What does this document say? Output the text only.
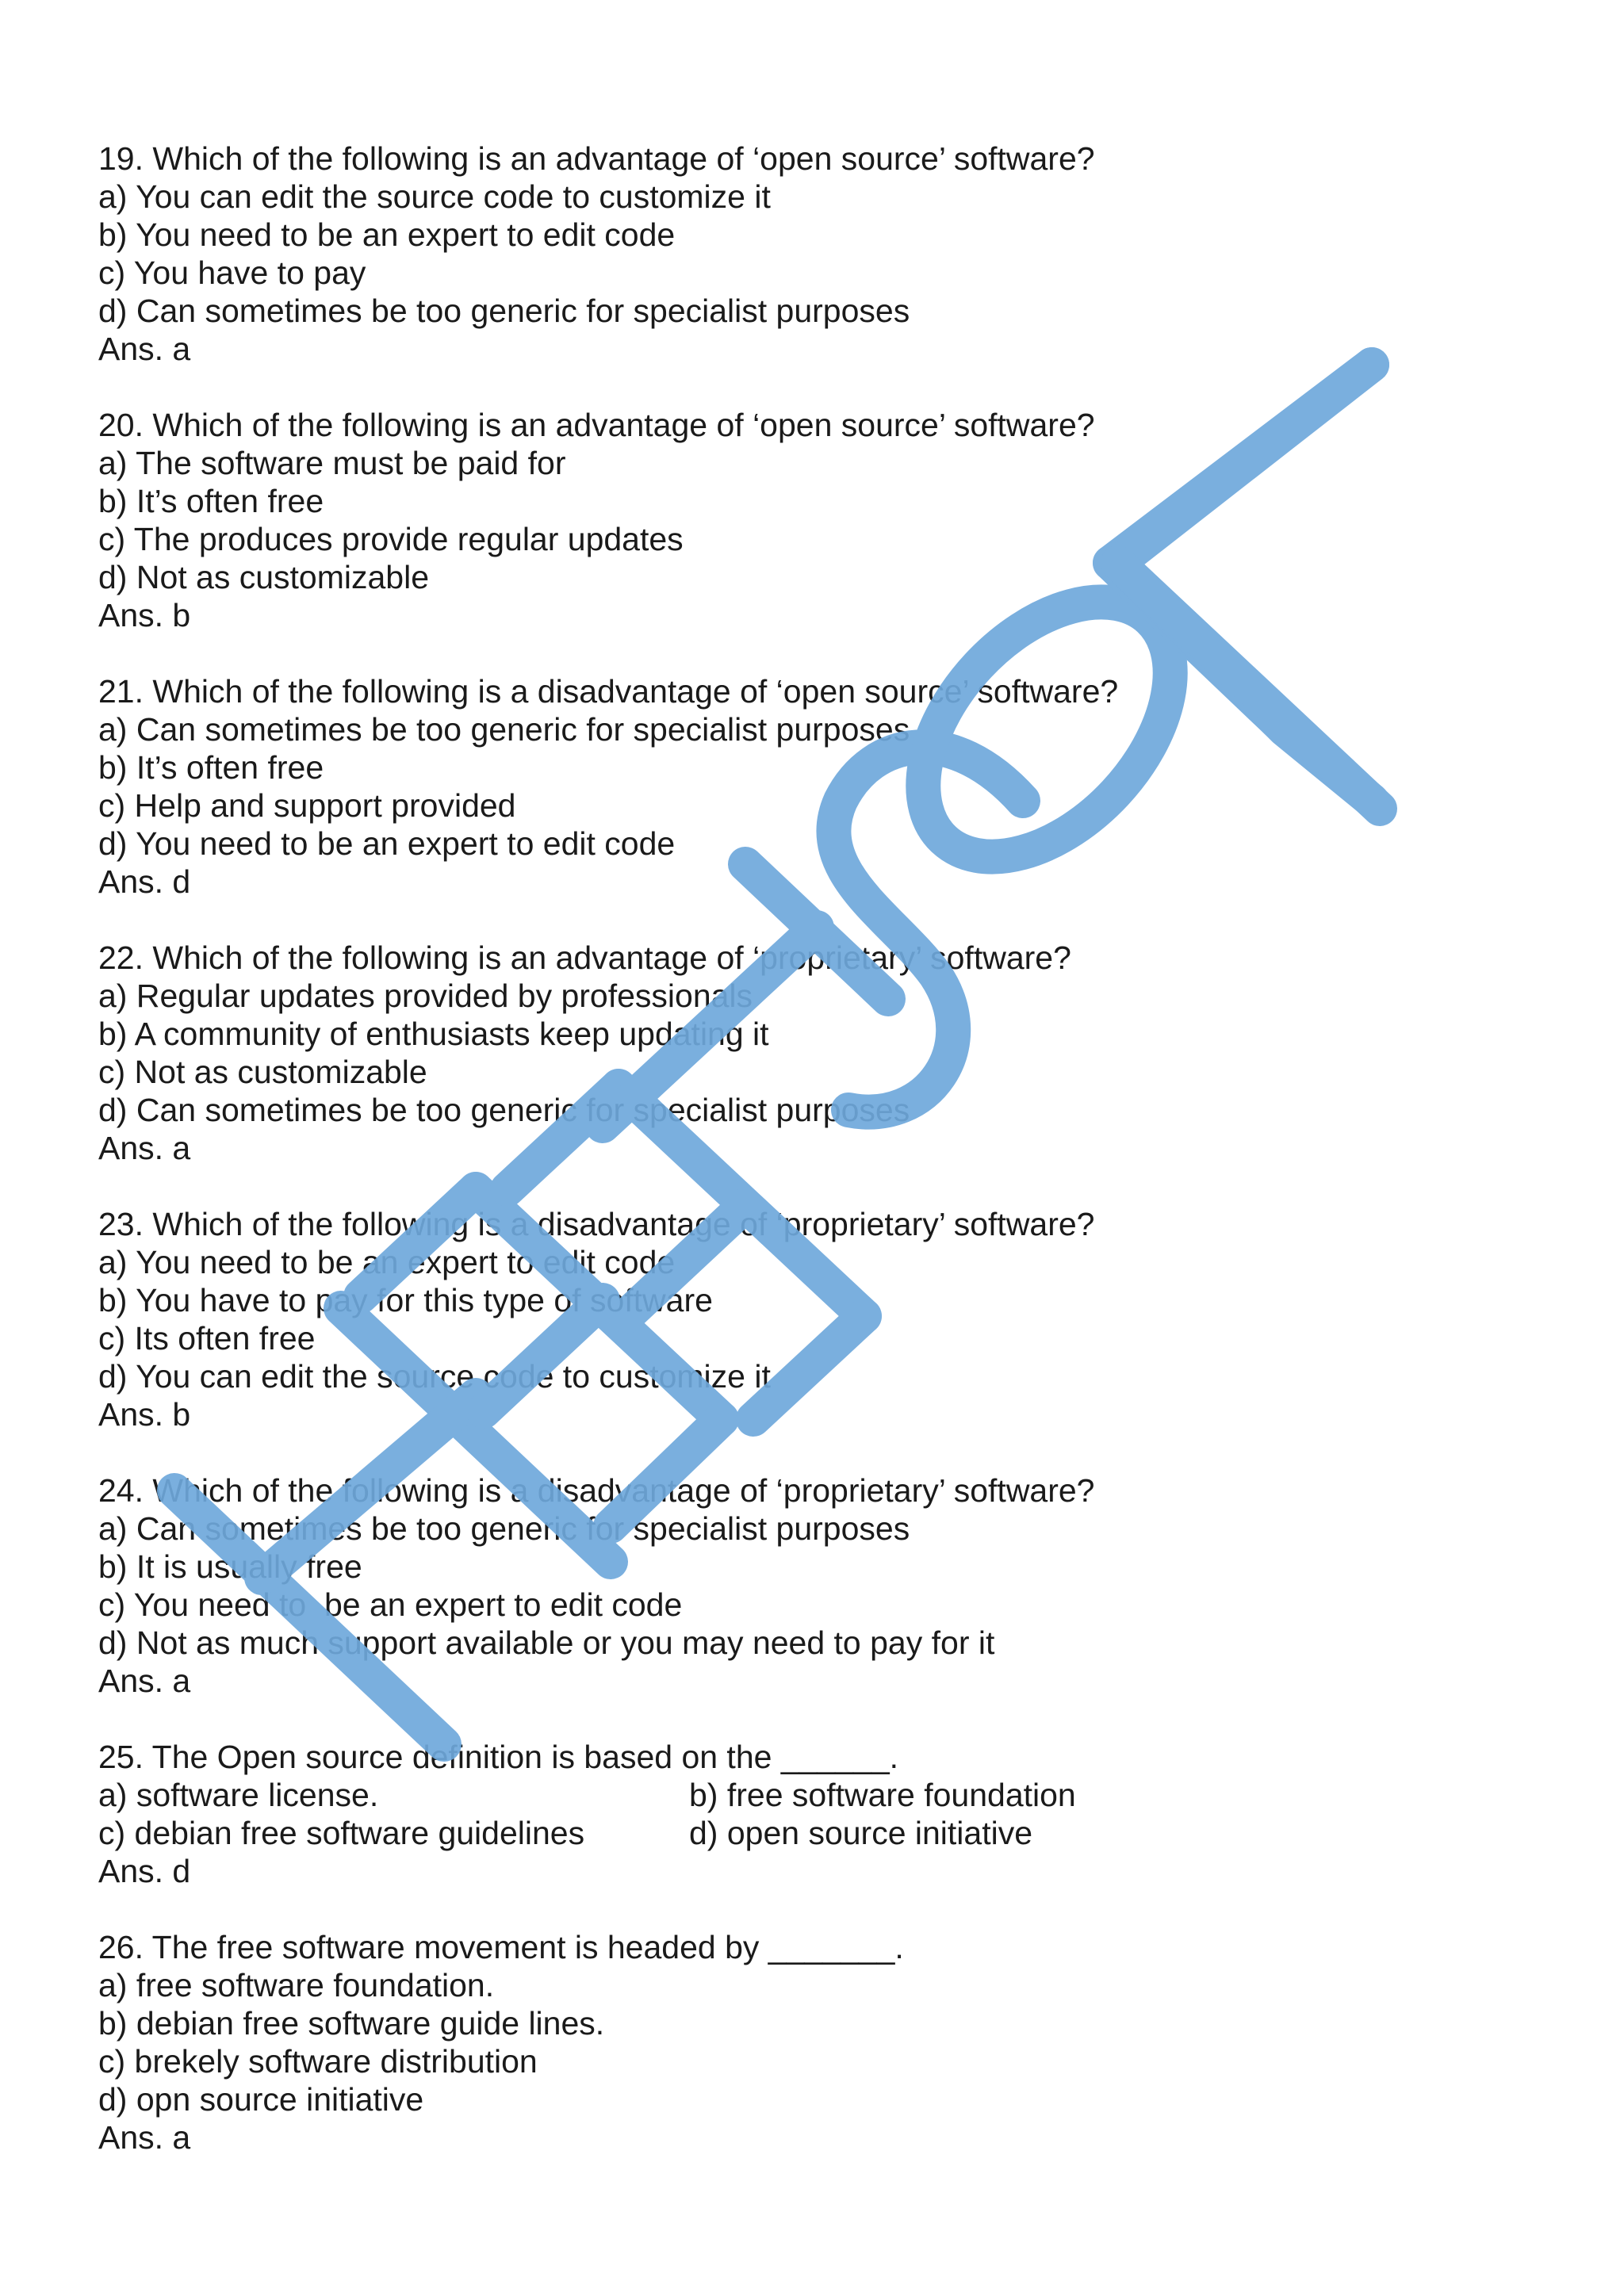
19. Which of the following is an advantage of ‘open source’ software?
a) You can edit the source code to customize it
b) You need to be an expert to edit code
c) You have to pay
d) Can sometimes be too generic for specialist purposes
Ans. a
20. Which of the following is an advantage of ‘open source’ software?
a) The software must be paid for
b) It’s often free
c) The produces provide regular updates
d) Not as customizable
Ans. b
21. Which of the following is a disadvantage of ‘open source’ software?
a) Can sometimes be too generic for specialist purposes
b) It’s often free
c) Help and support provided
d) You need to be an expert to edit code
Ans. d
22. Which of the following is an advantage of ‘proprietary’ software?
a) Regular updates provided by professionals
b) A community of enthusiasts keep updating it
c) Not as customizable
d) Can sometimes be too generic for specialist purposes
Ans. a
23. Which of the following is a disadvantage of ‘proprietary’ software?
a) You need to be an expert to edit code
b) You have to pay for this type of software
c) Its often free
d) You can edit the source code to customize it
Ans. b
24. Which of the following is a disadvantage of ‘proprietary’ software?
a) Can sometimes be too generic for specialist purposes
b) It is usually free
c) You need to  be an expert to edit code
d) Not as much support available or you may need to pay for it
Ans. a
25. The Open source definition is based on the ______.
a) software license.	b) free software foundation
c) debian free software guidelines	d) open source initiative
Ans. d
26. The free software movement is headed by _______.
a) free software foundation.
b) debian free software guide lines.
c) brekely software distribution
d) opn source initiative
Ans. a
